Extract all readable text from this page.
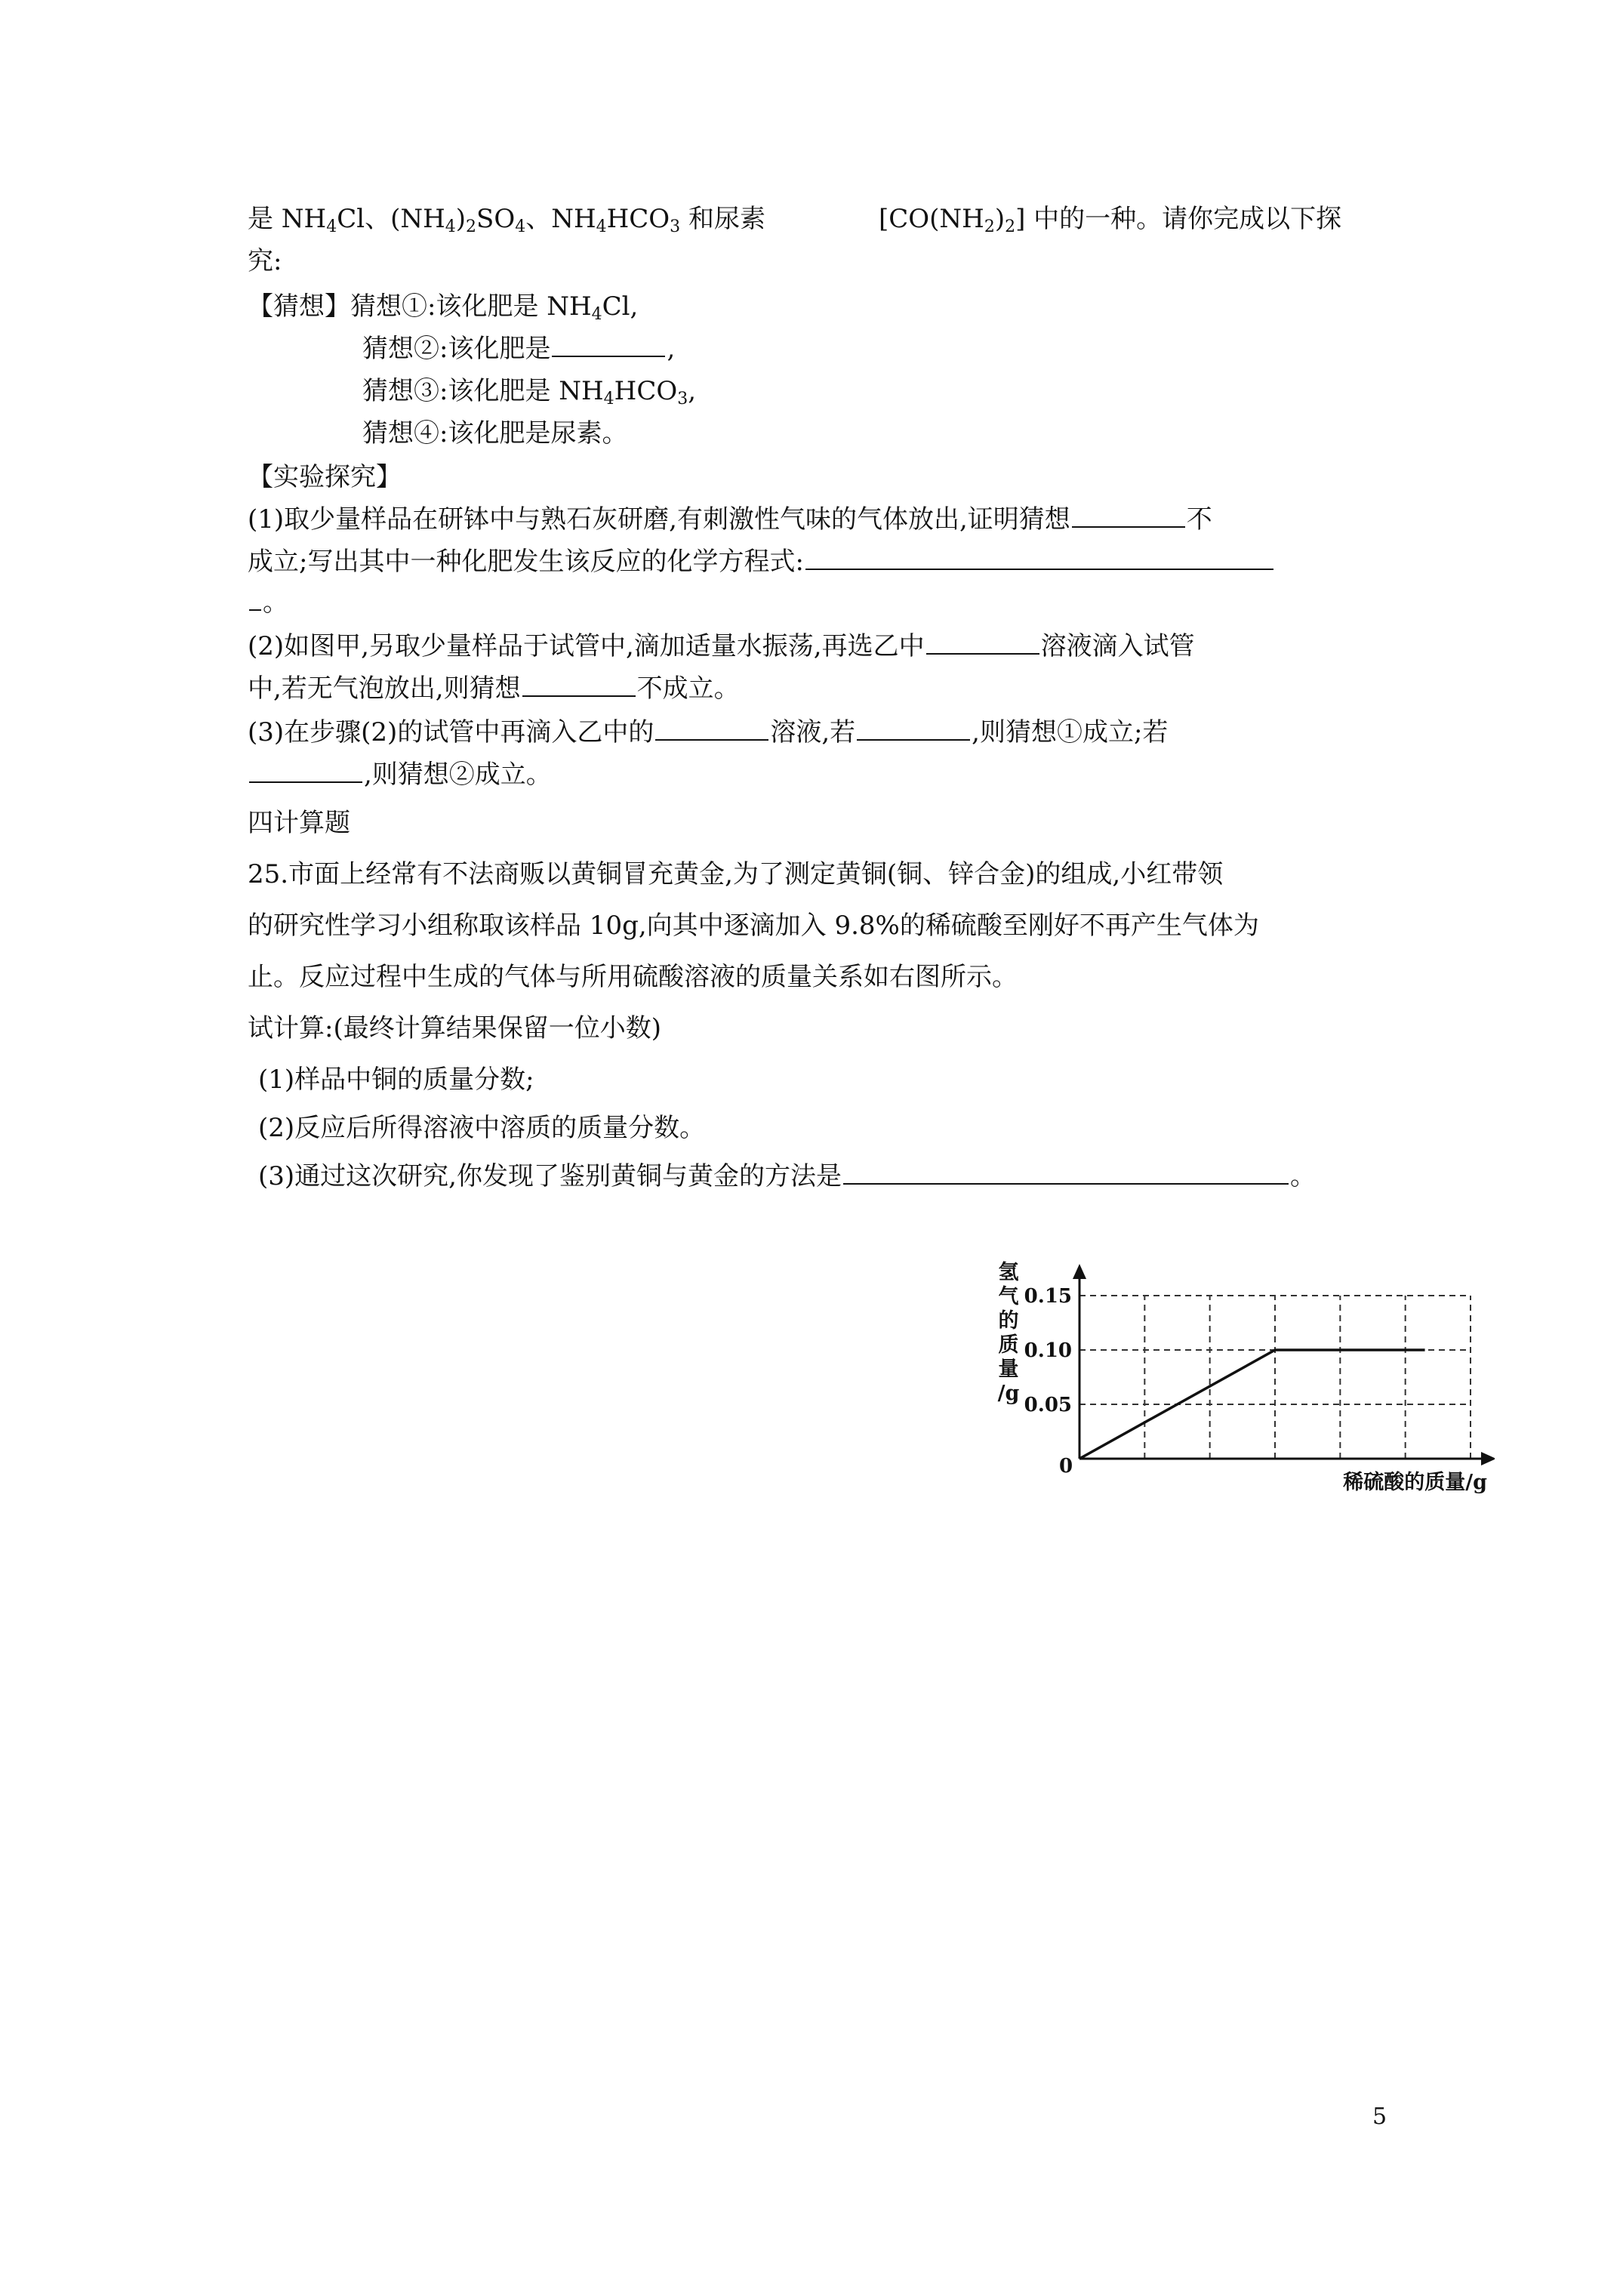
是 $NH_4Cl$、$(NH_4)_2SO_4$、$NH_4HCO_3$ 和尿素	$[CO(NH_2)_2]$ 中的一种。请你完成以下探
究:
【猜想】猜想①:该化肥是 $NH_4Cl$,
猜想②:该化肥是	,
猜想③:该化肥是 $NH_4HCO_3$,
猜想④:该化肥是尿素。
【实验探究】
(1)取少量样品在研钵中与熟石灰研磨,有刺激性气味的气体放出,证明猜想	不
成立;写出其中一种化肥发生该反应的化学方程式:
。
(2)如图甲,另取少量样品于试管中,滴加适量水振荡,再选乙中	溶液滴入试管
中,若无气泡放出,则猜想	不成立。
(3)在步骤(2)的试管中再滴入乙中的	溶液,若	,则猜想①成立;若
,则猜想②成立。
四计算题
25.市面上经常有不法商贩以黄铜冒充黄金,为了测定黄铜(铜、锌合金)的组成,小红带领
的研究性学习小组称取该样品 10g,向其中逐滴加入 9.8%的稀硫酸至刚好不再产生气体为
止。反应过程中生成的气体与所用硫酸溶液的质量关系如右图所示。
试计算:(最终计算结果保留一位小数)
(1)样品中铜的质量分数;
(2)反应后所得溶液中溶质的质量分数。
(3)通过这次研究,你发现了鉴别黄铜与黄金的方法是	。
0.15
0.10
0.05
氢
气
的
质
量
/g
稀硫酸的质量/g
0
5
